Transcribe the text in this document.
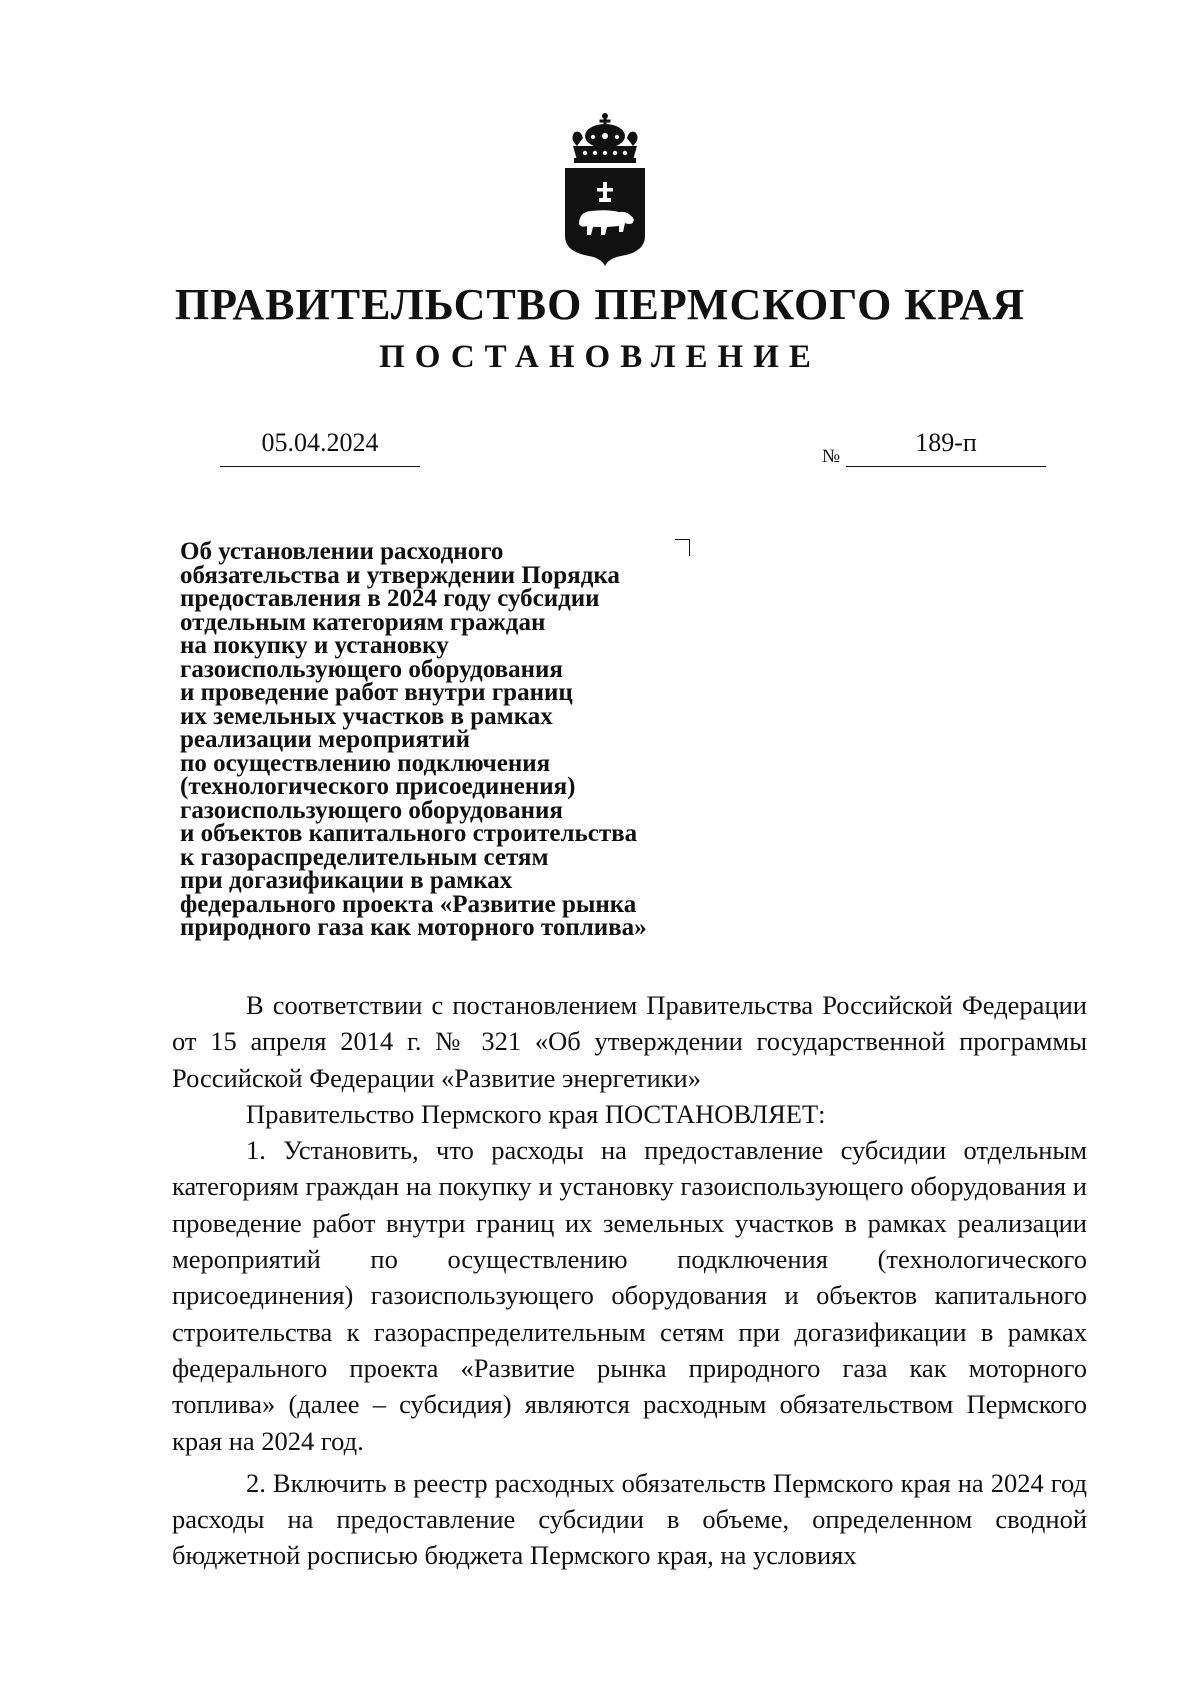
ПРАВИТЕЛЬСТВО ПЕРМСКОГО КРАЯ
ПОСТАНОВЛЕНИЕ
05.04.2024	№	189-п
Об установлении расходного
обязательства и утверждении Порядка
предоставления в 2024 году субсидии
отдельным категориям граждан
на покупку и установку
газоиспользующего оборудования
и проведение работ внутри границ
их земельных участков в рамках
реализации мероприятий
по осуществлению подключения
(технологического присоединения)
газоиспользующего оборудования
и объектов капитального строительства
к газораспределительным сетям
при догазификации в рамках
федерального проекта «Развитие рынка
природного газа как моторного топлива»

В соответствии с постановлением Правительства Российской Федерации от 15 апреля 2014 г. № 321 «Об утверждении государственной программы Российской Федерации «Развитие энергетики»

Правительство Пермского края ПОСТАНОВЛЯЕТ:

1. Установить, что расходы на предоставление субсидии отдельным категориям граждан на покупку и установку газоиспользующего оборудования и проведение работ внутри границ их земельных участков в рамках реализации мероприятий по осуществлению подключения (технологического присоединения) газоиспользующего оборудования и объектов капитального строительства к газораспределительным сетям при догазификации в рамках федерального проекта «Развитие рынка природного газа как моторного топлива» (далее – субсидия) являются расходным обязательством Пермского края на 2024 год.

2. Включить в реестр расходных обязательств Пермского края на 2024 год расходы на предоставление субсидии в объеме, определенном сводной бюджетной росписью бюджета Пермского края, на условиях
